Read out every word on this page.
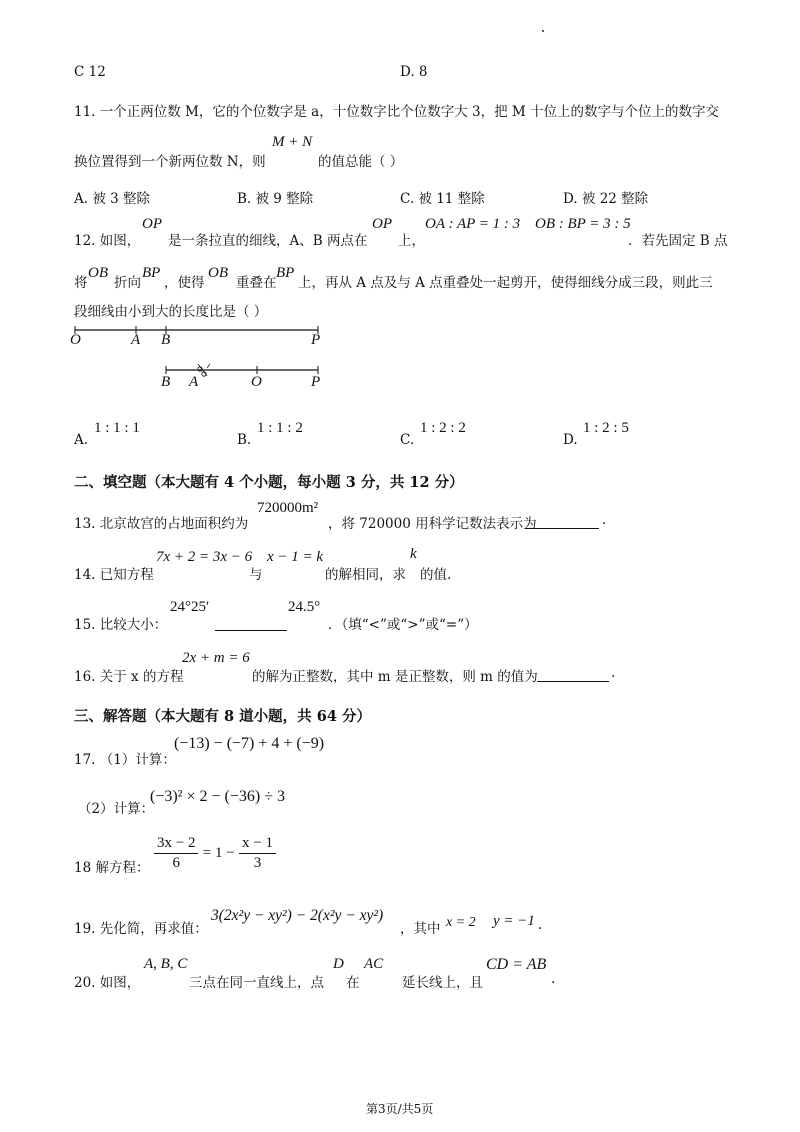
C 12	D. 8
11. 一个正两位数 M，它的个位数字是 a，十位数字比个位数字大 3，把 M 十位上的数字与个位上的数字交
换位置得到一个新两位数 N，则
M + N
的值总能（ ）
A. 被 3 整除	B. 被 9 整除	C. 被 11 整除	D. 被 22 整除
12. 如图，
OP
是一条拉直的细线，A、B 两点在
OP
上，
OA : AP = 1 : 3 OB : BP = 3 : 5
．若先固定 B 点
将
OB
折向
BP
，使得
OB
重叠在
BP
上，再从 A 点及与 A 点重叠处一起剪开，使得细线分成三段，则此三
段细线由小到大的长度比是（ ）
O	A B	P
B A	O	P
A.
1 : 1 : 1
B.
1 : 1 : 2
C.
1 : 2 : 2
D.
1 : 2 : 5
二、填空题（本大题有 4 个小题，每小题 3 分，共 12 分）
13. 北京故宫的占地面积约为
720000m²
，将 720000 用科学记数法表示为	.
14. 已知方程
7x + 2 = 3x − 6
与
x − 1 = k
的解相同，求
k
的值.
15. 比较大小：
24°25′	24.5°
．（填“<”或“>”或“=”）
16. 关于 x 的方程
2x + m = 6
的解为正整数，其中 m 是正整数，则 m 的值为	.
三、解答题（本大题有 8 道小题，共 64 分）
17. （1）计算：
(−13) − (−7) + 4 + (−9)
（2）计算：
(−3)² × 2 − (−36) ÷ 3
18 解方程： $\frac{3x - 2}{6} = 1 - \frac{x - 1}{3}$
19. 先化简，再求值：
3(2x²y − xy²) − 2(x²y − xy²)
，其中 x = 2 y = −1 .
20. 如图，
A, B, C
三点在同一直线上，点
D
在
AC
延长线上，且
CD = AB
.
第3页/共5页
